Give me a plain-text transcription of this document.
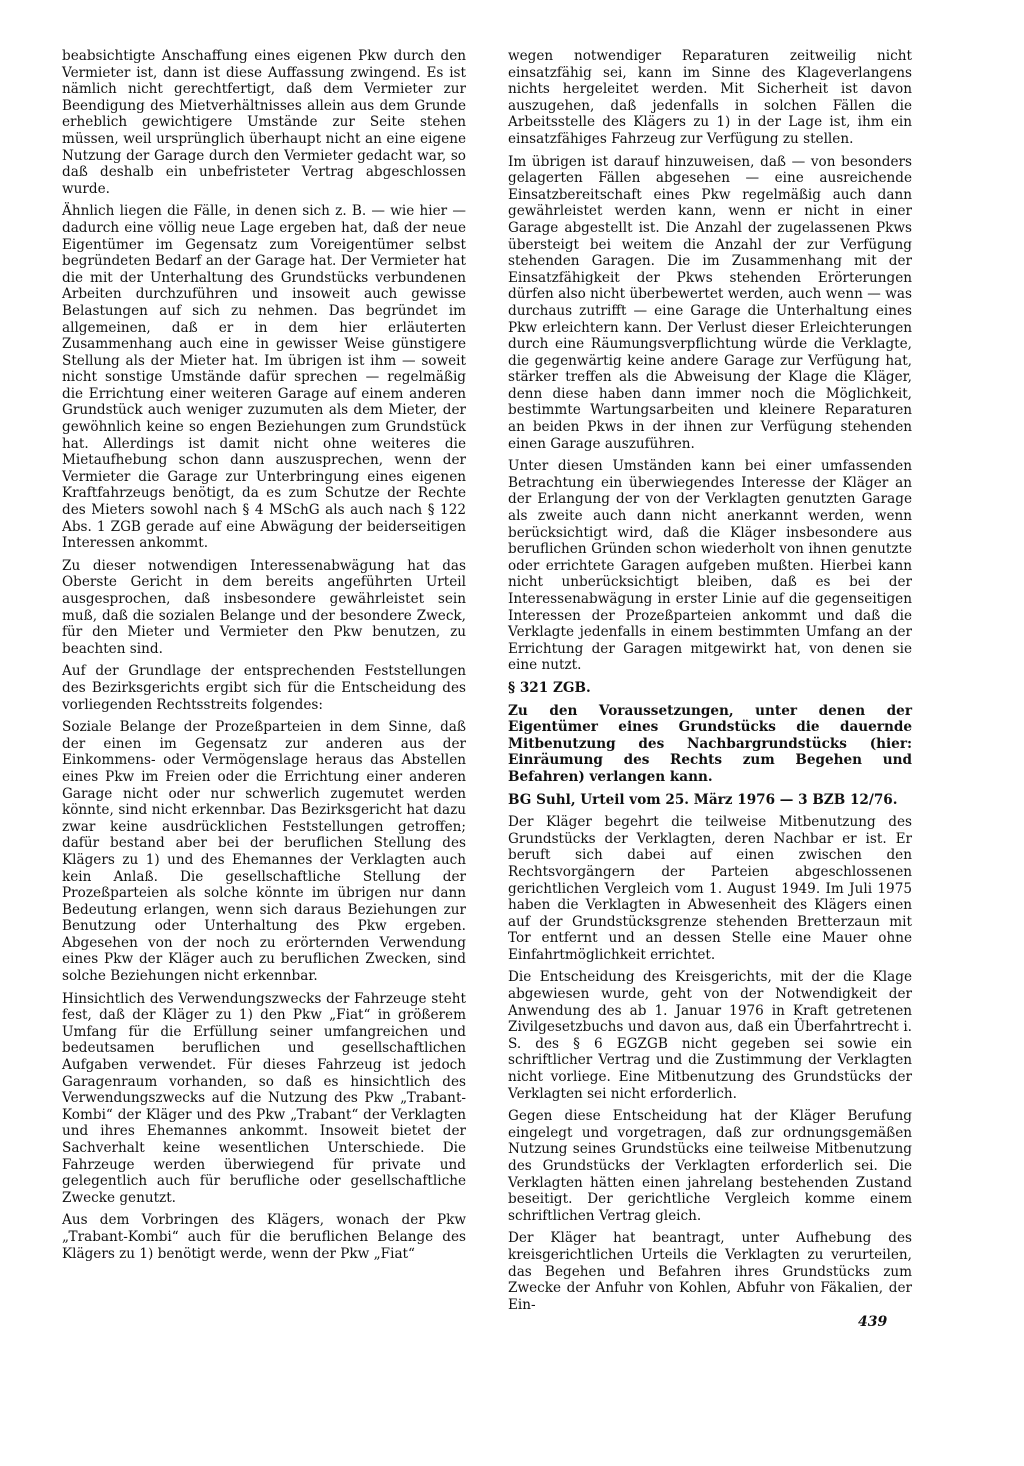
beabsichtigte Anschaffung eines eigenen Pkw durch den Vermieter ist, dann ist diese Auffassung zwingend. Es ist nämlich nicht gerechtfertigt, daß dem Vermieter zur Beendigung des Mietverhältnisses allein aus dem Grunde erheblich gewichtigere Umstände zur Seite stehen müssen, weil ursprünglich überhaupt nicht an eine eigene Nutzung der Garage durch den Vermieter gedacht war, so daß deshalb ein unbefristeter Vertrag abgeschlossen wurde.

Ähnlich liegen die Fälle, in denen sich z. B. — wie hier — dadurch eine völlig neue Lage ergeben hat, daß der neue Eigentümer im Gegensatz zum Voreigentümer selbst begründeten Bedarf an der Garage hat. Der Vermieter hat die mit der Unterhaltung des Grundstücks verbundenen Arbeiten durchzuführen und insoweit auch gewisse Belastungen auf sich zu nehmen. Das begründet im allgemeinen, daß er in dem hier erläuterten Zusammenhang auch eine in gewisser Weise günstigere Stellung als der Mieter hat. Im übrigen ist ihm — soweit nicht sonstige Umstände dafür sprechen — regelmäßig die Errichtung einer weiteren Garage auf einem anderen Grundstück auch weniger zuzumuten als dem Mieter, der gewöhnlich keine so engen Beziehungen zum Grundstück hat. Allerdings ist damit nicht ohne weiteres die Mietaufhebung schon dann auszusprechen, wenn der Vermieter die Garage zur Unterbringung eines eigenen Kraftfahrzeugs benötigt, da es zum Schutze der Rechte des Mieters sowohl nach § 4 MSchG als auch nach § 122 Abs. 1 ZGB gerade auf eine Abwägung der beiderseitigen Interessen ankommt.

Zu dieser notwendigen Interessenabwägung hat das Oberste Gericht in dem bereits angeführten Urteil ausgesprochen, daß insbesondere gewährleistet sein muß, daß die sozialen Belange und der besondere Zweck, für den Mieter und Vermieter den Pkw benutzen, zu beachten sind.

Auf der Grundlage der entsprechenden Feststellungen des Bezirksgerichts ergibt sich für die Entscheidung des vorliegenden Rechtsstreits folgendes:

Soziale Belange der Prozeßparteien in dem Sinne, daß der einen im Gegensatz zur anderen aus der Einkommens- oder Vermögenslage heraus das Abstellen eines Pkw im Freien oder die Errichtung einer anderen Garage nicht oder nur schwerlich zugemutet werden könnte, sind nicht erkennbar. Das Bezirksgericht hat dazu zwar keine ausdrücklichen Feststellungen getroffen; dafür bestand aber bei der beruflichen Stellung des Klägers zu 1) und des Ehemannes der Verklagten auch kein Anlaß. Die gesellschaftliche Stellung der Prozeßparteien als solche könnte im übrigen nur dann Bedeutung erlangen, wenn sich daraus Beziehungen zur Benutzung oder Unterhaltung des Pkw ergeben. Abgesehen von der noch zu erörternden Verwendung eines Pkw der Kläger auch zu beruflichen Zwecken, sind solche Beziehungen nicht erkennbar.

Hinsichtlich des Verwendungszwecks der Fahrzeuge steht fest, daß der Kläger zu 1) den Pkw „Fiat“ in größerem Umfang für die Erfüllung seiner umfangreichen und bedeutsamen beruflichen und gesellschaftlichen Aufgaben verwendet. Für dieses Fahrzeug ist jedoch Garagenraum vorhanden, so daß es hinsichtlich des Verwendungszwecks auf die Nutzung des Pkw „Trabant-Kombi“ der Kläger und des Pkw „Trabant“ der Verklagten und ihres Ehemannes ankommt. Insoweit bietet der Sachverhalt keine wesentlichen Unterschiede. Die Fahrzeuge werden überwiegend für private und gelegentlich auch für berufliche oder gesellschaftliche Zwecke genutzt.

Aus dem Vorbringen des Klägers, wonach der Pkw „Trabant-Kombi“ auch für die beruflichen Belange des Klägers zu 1) benötigt werde, wenn der Pkw „Fiat“

wegen notwendiger Reparaturen zeitweilig nicht einsatzfähig sei, kann im Sinne des Klageverlangens nichts hergeleitet werden. Mit Sicherheit ist davon auszugehen, daß jedenfalls in solchen Fällen die Arbeitsstelle des Klägers zu 1) in der Lage ist, ihm ein einsatzfähiges Fahrzeug zur Verfügung zu stellen.

Im übrigen ist darauf hinzuweisen, daß — von besonders gelagerten Fällen abgesehen — eine ausreichende Einsatzbereitschaft eines Pkw regelmäßig auch dann gewährleistet werden kann, wenn er nicht in einer Garage abgestellt ist. Die Anzahl der zugelassenen Pkws übersteigt bei weitem die Anzahl der zur Verfügung stehenden Garagen. Die im Zusammenhang mit der Einsatzfähigkeit der Pkws stehenden Erörterungen dürfen also nicht überbewertet werden, auch wenn — was durchaus zutrifft — eine Garage die Unterhaltung eines Pkw erleichtern kann. Der Verlust dieser Erleichterungen durch eine Räumungsverpflichtung würde die Verklagte, die gegenwärtig keine andere Garage zur Verfügung hat, stärker treffen als die Abweisung der Klage die Kläger, denn diese haben dann immer noch die Möglichkeit, bestimmte Wartungsarbeiten und kleinere Reparaturen an beiden Pkws in der ihnen zur Verfügung stehenden einen Garage auszuführen.

Unter diesen Umständen kann bei einer umfassenden Betrachtung ein überwiegendes Interesse der Kläger an der Erlangung der von der Verklagten genutzten Garage als zweite auch dann nicht anerkannt werden, wenn berücksichtigt wird, daß die Kläger insbesondere aus beruflichen Gründen schon wiederholt von ihnen genutzte oder errichtete Garagen aufgeben mußten. Hierbei kann nicht unberücksichtigt bleiben, daß es bei der Interessenabwägung in erster Linie auf die gegenseitigen Interessen der Prozeßparteien ankommt und daß die Verklagte jedenfalls in einem bestimmten Umfang an der Errichtung der Garagen mitgewirkt hat, von denen sie eine nutzt.

§ 321 ZGB.

Zu den Voraussetzungen, unter denen der Eigentümer eines Grundstücks die dauernde Mitbenutzung des Nachbargrundstücks (hier: Einräumung des Rechts zum Begehen und Befahren) verlangen kann.

BG Suhl, Urteil vom 25. März 1976 — 3 BZB 12/76.

Der Kläger begehrt die teilweise Mitbenutzung des Grundstücks der Verklagten, deren Nachbar er ist. Er beruft sich dabei auf einen zwischen den Rechtsvorgängern der Parteien abgeschlossenen gerichtlichen Vergleich vom 1. August 1949. Im Juli 1975 haben die Verklagten in Abwesenheit des Klägers einen auf der Grundstücksgrenze stehenden Bretterzaun mit Tor entfernt und an dessen Stelle eine Mauer ohne Einfahrtmöglichkeit errichtet.

Die Entscheidung des Kreisgerichts, mit der die Klage abgewiesen wurde, geht von der Notwendigkeit der Anwendung des ab 1. Januar 1976 in Kraft getretenen Zivilgesetzbuchs und davon aus, daß ein Überfahrtrecht i. S. des § 6 EGZGB nicht gegeben sei sowie ein schriftlicher Vertrag und die Zustimmung der Verklagten nicht vorliege. Eine Mitbenutzung des Grundstücks der Verklagten sei nicht erforderlich.

Gegen diese Entscheidung hat der Kläger Berufung eingelegt und vorgetragen, daß zur ordnungsgemäßen Nutzung seines Grundstücks eine teilweise Mitbenutzung des Grundstücks der Verklagten erforderlich sei. Die Verklagten hätten einen jahrelang bestehenden Zustand beseitigt. Der gerichtliche Vergleich komme einem schriftlichen Vertrag gleich.

Der Kläger hat beantragt, unter Aufhebung des kreisgerichtlichen Urteils die Verklagten zu verurteilen, das Begehen und Befahren ihres Grundstücks zum Zwecke der Anfuhr von Kohlen, Abfuhr von Fäkalien, der Ein-

439
